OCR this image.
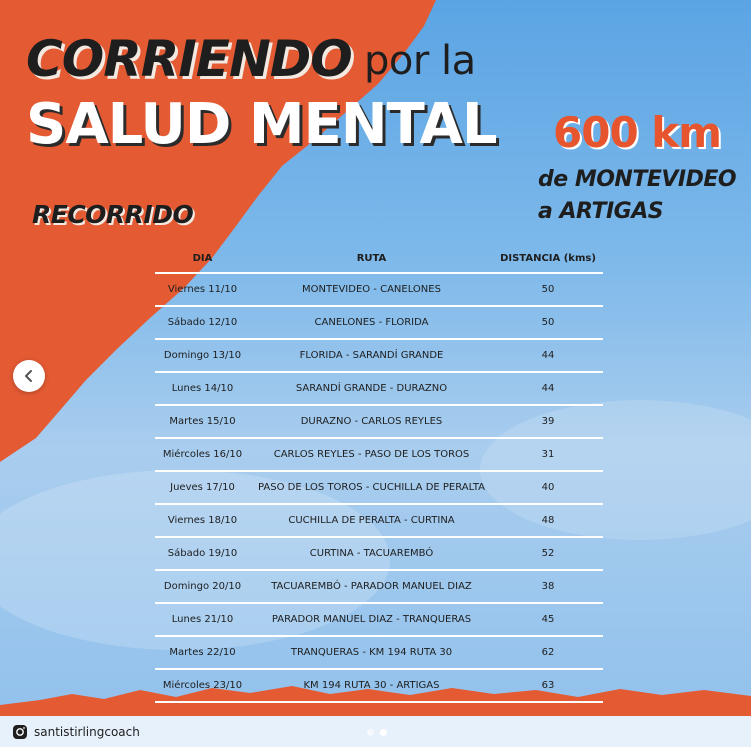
CORRIENDO por la
SALUD MENTAL
RECORRIDO
600 km
de MONTEVIDEO
a ARTIGAS
DIA	RUTA	DISTANCIA (kms)
Viernes 11/10	MONTEVIDEO - CANELONES	50
Sábado 12/10	CANELONES - FLORIDA	50
Domingo 13/10	FLORIDA - SARANDÍ GRANDE	44
Lunes 14/10	SARANDÍ GRANDE - DURAZNO	44
Martes 15/10	DURAZNO - CARLOS REYLES	39
Miércoles 16/10	CARLOS REYLES - PASO DE LOS TOROS	31
Jueves 17/10	PASO DE LOS TOROS - CUCHILLA DE PERALTA	40
Viernes 18/10	CUCHILLA DE PERALTA - CURTINA	48
Sábado 19/10	CURTINA - TACUAREMBÓ	52
Domingo 20/10	TACUAREMBÓ - PARADOR MANUEL DIAZ	38
Lunes 21/10	PARADOR MANUEL DIAZ - TRANQUERAS	45
Martes 22/10	TRANQUERAS - KM 194 RUTA 30	62
Miércoles 23/10	KM 194 RUTA 30 - ARTIGAS	63
santistirlingcoach
